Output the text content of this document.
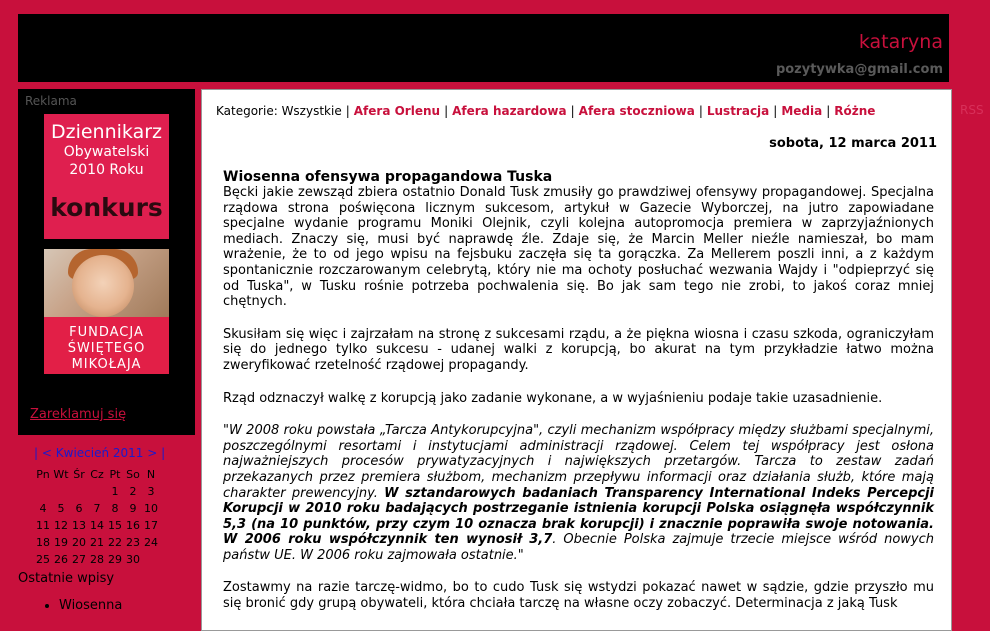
kataryna
pozytywka@gmail.com
RSS
Reklama
Dziennikarz
Obywatelski
2010 Roku
konkurs
FUNDACJA
ŚWIĘTEGO
MIKOŁAJA
Zareklamuj się
| < Kwiecień 2011 > |
Pn	Wt	Śr	Cz	Pt	So	N
				1	2	3
4	5	6	7	8	9	10
11	12	13	14	15	16	17
18	19	20	21	22	23	24
25	26	27	28	29	30	
Ostatnie wpisy
• Wiosenna
Kategorie: Wszystkie | Afera Orlenu | Afera hazardowa | Afera stoczniowa | Lustracja | Media | Różne
sobota, 12 marca 2011
Wiosenna ofensywa propagandowa Tuska

Bęcki jakie zewsząd zbiera ostatnio Donald Tusk zmusiły go prawdziwej ofensywy propagandowej. Specjalna rządowa strona poświęcona licznym sukcesom, artykuł w Gazecie Wyborczej, na jutro zapowiadane specjalne wydanie programu Moniki Olejnik, czyli kolejna autopromocja premiera w zaprzyjaźnionych mediach. Znaczy się, musi być naprawdę źle. Zdaje się, że Marcin Meller nieźle namieszał, bo mam wrażenie, że to od jego wpisu na fejsbuku zaczęła się ta gorączka. Za Mellerem poszli inni, a z każdym spontanicznie rozczarowanym celebrytą, który nie ma ochoty posłuchać wezwania Wajdy i "odpieprzyć się od Tuska", w Tusku rośnie potrzeba pochwalenia się. Bo jak sam tego nie zrobi, to jakoś coraz mniej chętnych.

Skusiłam się więc i zajrzałam na stronę z sukcesami rządu, a że piękna wiosna i czasu szkoda, ograniczyłam się do jednego tylko sukcesu - udanej walki z korupcją, bo akurat na tym przykładzie łatwo można zweryfikować rzetelność rządowej propagandy.

Rząd odznaczył walkę z korupcją jako zadanie wykonane, a w wyjaśnieniu podaje takie uzasadnienie.

"W 2008 roku powstała „Tarcza Antykorupcyjna", czyli mechanizm współpracy między służbami specjalnymi, poszczególnymi resortami i instytucjami administracji rządowej. Celem tej współpracy jest osłona najważniejszych procesów prywatyzacyjnych i największych przetargów. Tarcza to zestaw zadań przekazanych przez premiera służbom, mechanizm przepływu informacji oraz działania służb, które mają charakter prewencyjny. W sztandarowych badaniach Transparency International Indeks Percepcji Korupcji w 2010 roku badających postrzeganie istnienia korupcji Polska osiągnęła współczynnik 5,3 (na 10 punktów, przy czym 10 oznacza brak korupcji) i znacznie poprawiła swoje notowania. W 2006 roku współczynnik ten wynosił 3,7. Obecnie Polska zajmuje trzecie miejsce wśród nowych państw UE. W 2006 roku zajmowała ostatnie."

Zostawmy na razie tarczę-widmo, bo to cudo Tusk się wstydzi pokazać nawet w sądzie, gdzie przyszło mu się bronić gdy grupą obywateli, która chciała tarczę na własne oczy zobaczyć. Determinacja z jaką Tusk
